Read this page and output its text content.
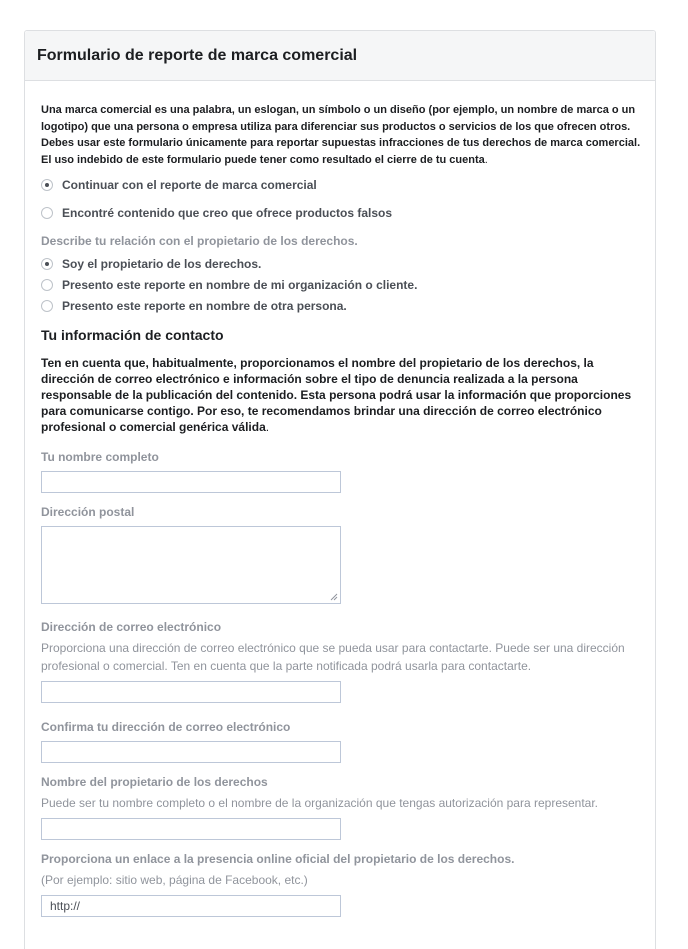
Formulario de reporte de marca comercial
Una marca comercial es una palabra, un eslogan, un símbolo o un diseño (por ejemplo, un nombre de marca o un logotipo) que una persona o empresa utiliza para diferenciar sus productos o servicios de los que ofrecen otros. Debes usar este formulario únicamente para reportar supuestas infracciones de tus derechos de marca comercial. El uso indebido de este formulario puede tener como resultado el cierre de tu cuenta.
Continuar con el reporte de marca comercial
Encontré contenido que creo que ofrece productos falsos
Describe tu relación con el propietario de los derechos.
Soy el propietario de los derechos.
Presento este reporte en nombre de mi organización o cliente.
Presento este reporte en nombre de otra persona.
Tu información de contacto
Ten en cuenta que, habitualmente, proporcionamos el nombre del propietario de los derechos, la dirección de correo electrónico e información sobre el tipo de denuncia realizada a la persona responsable de la publicación del contenido. Esta persona podrá usar la información que proporciones para comunicarse contigo. Por eso, te recomendamos brindar una dirección de correo electrónico profesional o comercial genérica válida.
Tu nombre completo
Dirección postal
Dirección de correo electrónico
Proporciona una dirección de correo electrónico que se pueda usar para contactarte. Puede ser una dirección profesional o comercial. Ten en cuenta que la parte notificada podrá usarla para contactarte.
Confirma tu dirección de correo electrónico
Nombre del propietario de los derechos
Puede ser tu nombre completo o el nombre de la organización que tengas autorización para representar.
Proporciona un enlace a la presencia online oficial del propietario de los derechos.
(Por ejemplo: sitio web, página de Facebook, etc.)
http://
